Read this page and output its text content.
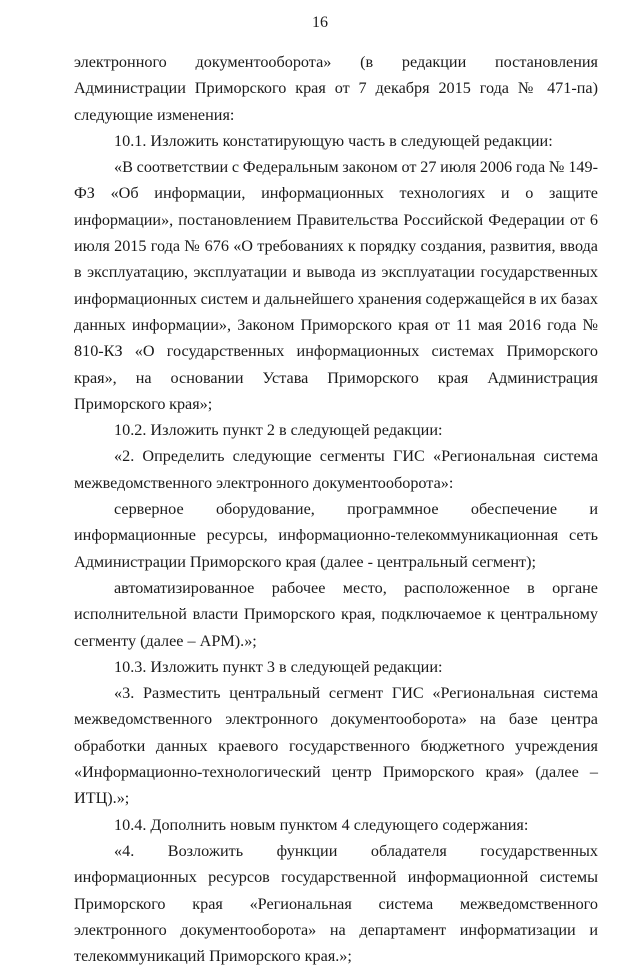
16

электронного документооборота» (в редакции постановления Администрации Приморского края от 7 декабря 2015 года № 471-па) следующие изменения:

10.1. Изложить констатирующую часть в следующей редакции:

«В соответствии с Федеральным законом от 27 июля 2006 года № 149-ФЗ «Об информации, информационных технологиях и о защите информации», постановлением Правительства Российской Федерации от 6 июля 2015 года № 676 «О требованиях к порядку создания, развития, ввода в эксплуатацию, эксплуатации и вывода из эксплуатации государственных информационных систем и дальнейшего хранения содержащейся в их базах данных информации», Законом Приморского края от 11 мая 2016 года № 810-КЗ «О государственных информационных системах Приморского края», на основании Устава Приморского края Администрация Приморского края»;

10.2. Изложить пункт 2 в следующей редакции:

«2. Определить следующие сегменты ГИС «Региональная система межведомственного электронного документооборота»:

серверное оборудование, программное обеспечение и информационные ресурсы, информационно-телекоммуникационная сеть Администрации Приморского края (далее - центральный сегмент);

автоматизированное рабочее место, расположенное в органе исполнительной власти Приморского края, подключаемое к центральному сегменту (далее – АРМ).»;

10.3. Изложить пункт 3 в следующей редакции:

«3. Разместить центральный сегмент ГИС «Региональная система межведомственного электронного документооборота» на базе центра обработки данных краевого государственного бюджетного учреждения «Информационно-технологический центр Приморского края» (далее – ИТЦ).»;

10.4. Дополнить новым пунктом 4 следующего содержания:

«4. Возложить функции обладателя государственных информационных ресурсов государственной информационной системы Приморского края «Региональная система межведомственного электронного документооборота» на департамент информатизации и телекоммуникаций Приморского края.»;
